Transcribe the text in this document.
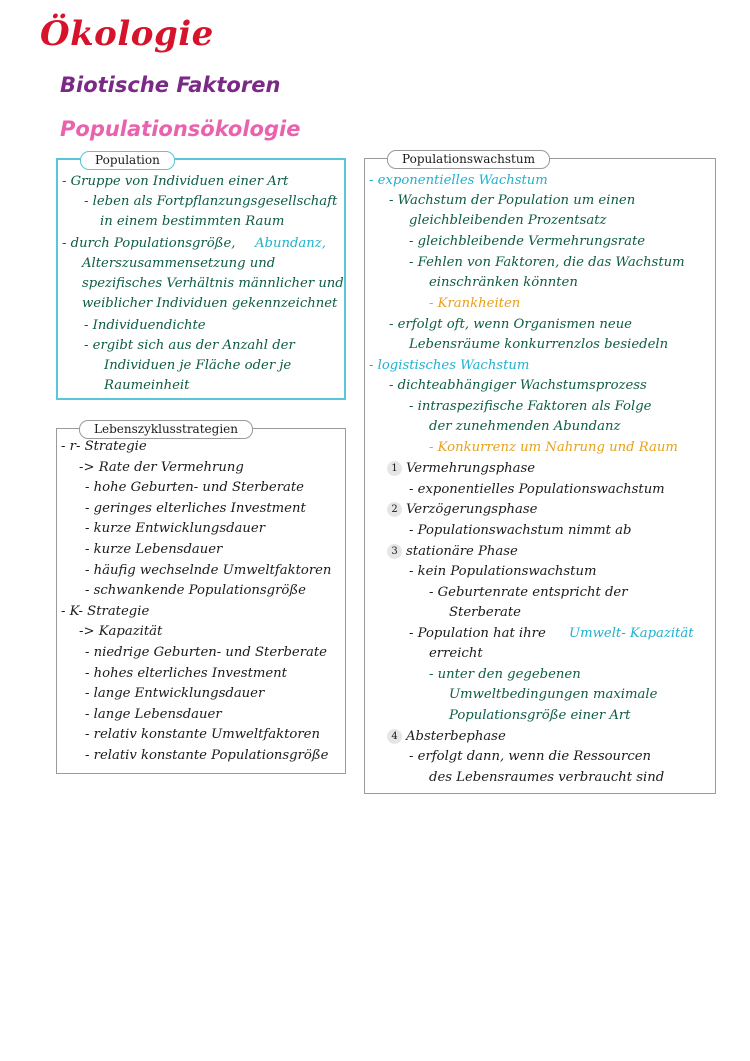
Ökologie
Biotische Faktoren
Populationsökologie
Population
- Gruppe von Individuen einer Art
- leben als Fortpflanzungsgesellschaft
in einem bestimmten Raum
- durch Populationsgröße, Abundanz,
Alterszusammensetzung und
spezifisches Verhältnis männlicher und
weiblicher Individuen gekennzeichnet
- Individuendichte
- ergibt sich aus der Anzahl der
Individuen je Fläche oder je
Raumeinheit
Lebenszyklusstrategien
- r- Strategie
-> Rate der Vermehrung
- hohe Geburten- und Sterberate
- geringes elterliches Investment
- kurze Entwicklungsdauer
- kurze Lebensdauer
- häufig wechselnde Umweltfaktoren
- schwankende Populationsgröße
- K- Strategie
-> Kapazität
- niedrige Geburten- und Sterberate
- hohes elterliches Investment
- lange Entwicklungsdauer
- lange Lebensdauer
- relativ konstante Umweltfaktoren
- relativ konstante Populationsgröße
Populationswachstum
- exponentielles Wachstum
- Wachstum der Population um einen
gleichbleibenden Prozentsatz
- gleichbleibende Vermehrungsrate
- Fehlen von Faktoren, die das Wachstum
einschränken könnten
- Krankheiten
- erfolgt oft, wenn Organismen neue
Lebensräume konkurrenzlos besiedeln
- logistisches Wachstum
- dichteabhängiger Wachstumsprozess
- intraspezifische Faktoren als Folge
der zunehmenden Abundanz
- Konkurrenz um Nahrung und Raum
1 Vermehrungsphase
- exponentielles Populationswachstum
2 Verzögerungsphase
- Populationswachstum nimmt ab
3 stationäre Phase
- kein Populationswachstum
- Geburtenrate entspricht der
Sterberate
- Population hat ihre Umwelt- Kapazität
erreicht
- unter den gegebenen
Umweltbedingungen maximale
Populationsgröße einer Art
4 Absterbephase
- erfolgt dann, wenn die Ressourcen
des Lebensraumes verbraucht sind
